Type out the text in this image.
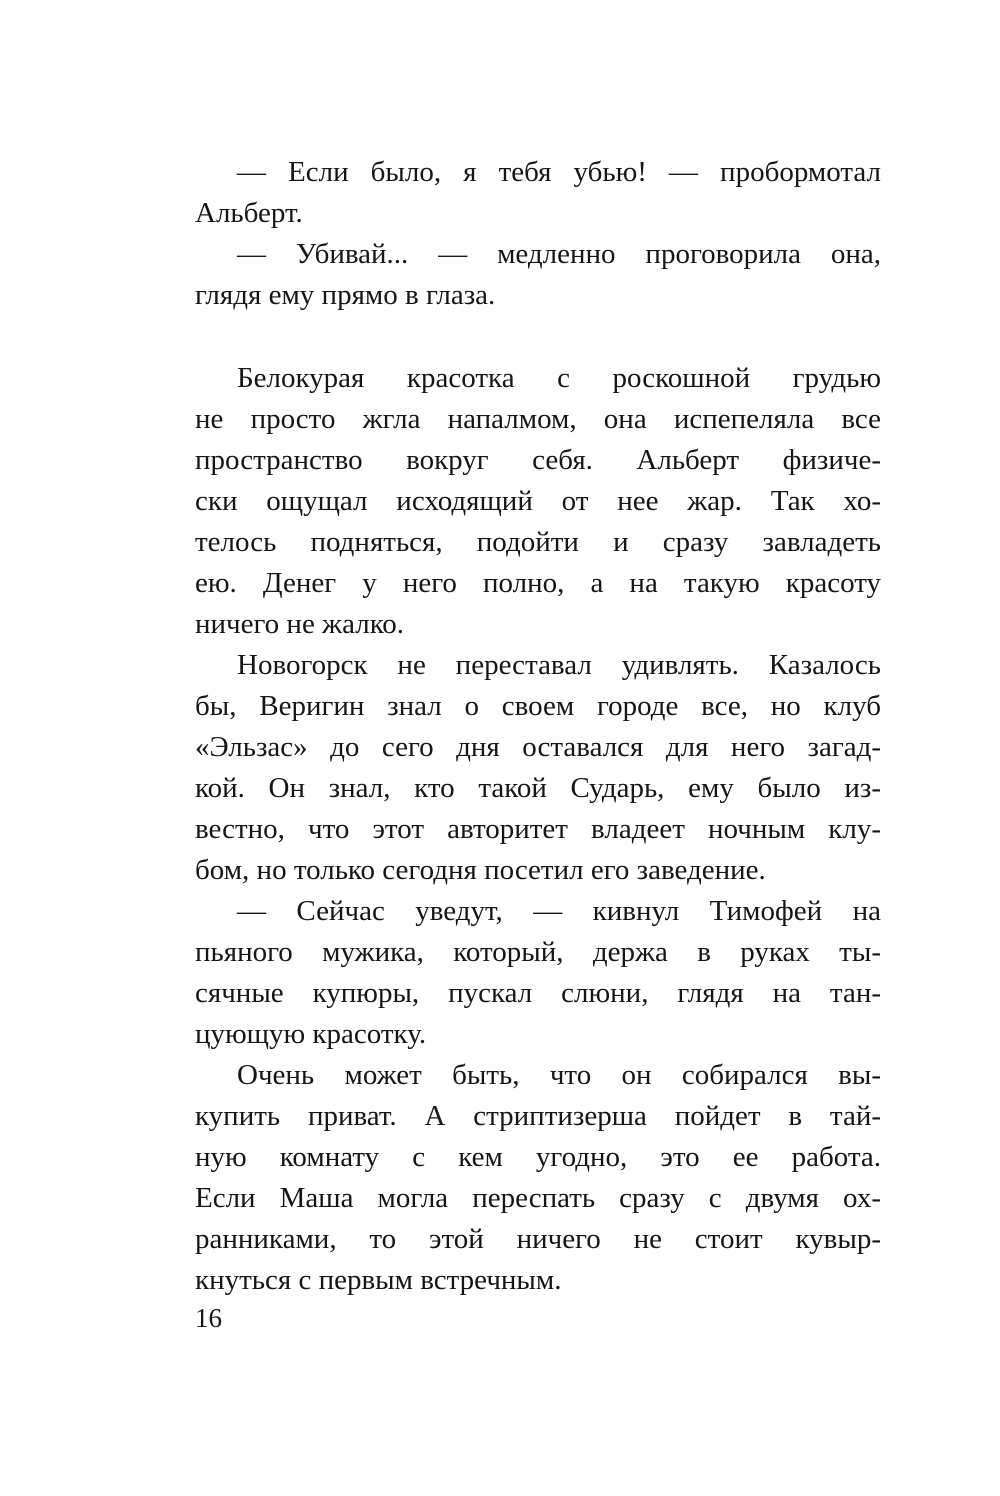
— Если было, я тебя убью! — пробормотал
Альберт.
— Убивай... — медленно проговорила она,
глядя ему прямо в глаза.
Белокурая красотка с роскошной грудью
не просто жгла напалмом, она испепеляла все
пространство вокруг себя. Альберт физиче-
ски ощущал исходящий от нее жар. Так хо-
телось подняться, подойти и сразу завладеть
ею. Денег у него полно, а на такую красоту
ничего не жалко.
Новогорск не переставал удивлять. Казалось
бы, Веригин знал о своем городе все, но клуб
«Эльзас» до сего дня оставался для него загад-
кой. Он знал, кто такой Сударь, ему было из-
вестно, что этот авторитет владеет ночным клу-
бом, но только сегодня посетил его заведение.
— Сейчас уведут, — кивнул Тимофей на
пьяного мужика, который, держа в руках ты-
сячные купюры, пускал слюни, глядя на тан-
цующую красотку.
Очень может быть, что он собирался вы-
купить приват. А стриптизерша пойдет в тай-
ную комнату с кем угодно, это ее работа.
Если Маша могла переспать сразу с двумя ох-
ранниками, то этой ничего не стоит кувыр-
кнуться с первым встречным.
16
